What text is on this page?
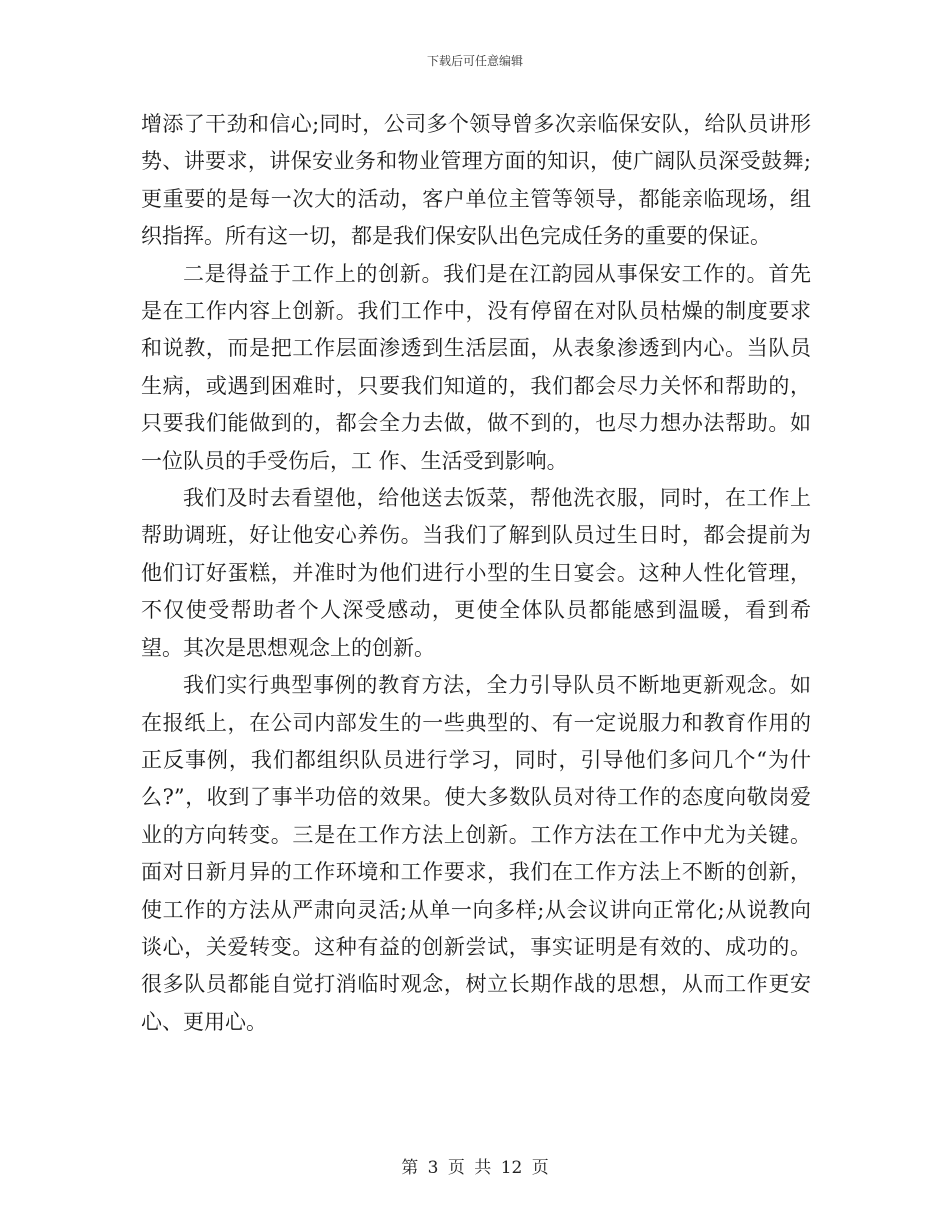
下载后可任意编辑

增添了干劲和信心;同时，公司多个领导曾多次亲临保安队，给队员讲形势、讲要求，讲保安业务和物业管理方面的知识，使广阔队员深受鼓舞;更重要的是每一次大的活动，客户单位主管等领导，都能亲临现场，组织指挥。所有这一切，都是我们保安队出色完成任务的重要的保证。

二是得益于工作上的创新。我们是在江韵园从事保安工作的。首先是在工作内容上创新。我们工作中，没有停留在对队员枯燥的制度要求和说教，而是把工作层面渗透到生活层面，从表象渗透到内心。当队员生病，或遇到困难时，只要我们知道的，我们都会尽力关怀和帮助的，只要我们能做到的，都会全力去做，做不到的，也尽力想办法帮助。如一位队员的手受伤后，工 作、生活受到影响。

我们及时去看望他，给他送去饭菜，帮他洗衣服，同时，在工作上帮助调班，好让他安心养伤。当我们了解到队员过生日时，都会提前为他们订好蛋糕，并准时为他们进行小型的生日宴会。这种人性化管理，不仅使受帮助者个人深受感动，更使全体队员都能感到温暖，看到希望。其次是思想观念上的创新。

我们实行典型事例的教育方法，全力引导队员不断地更新观念。如在报纸上，在公司内部发生的一些典型的、有一定说服力和教育作用的正反事例，我们都组织队员进行学习，同时，引导他们多问几个“为什么?”，收到了事半功倍的效果。使大多数队员对待工作的态度向敬岗爱业的方向转变。三是在工作方法上创新。工作方法在工作中尤为关键。面对日新月异的工作环境和工作要求，我们在工作方法上不断的创新，使工作的方法从严肃向灵活;从单一向多样;从会议讲向正常化;从说教向谈心，关爱转变。这种有益的创新尝试，事实证明是有效的、成功的。很多队员都能自觉打消临时观念，树立长期作战的思想，从而工作更安心、更用心。

第 3 页 共 12 页
